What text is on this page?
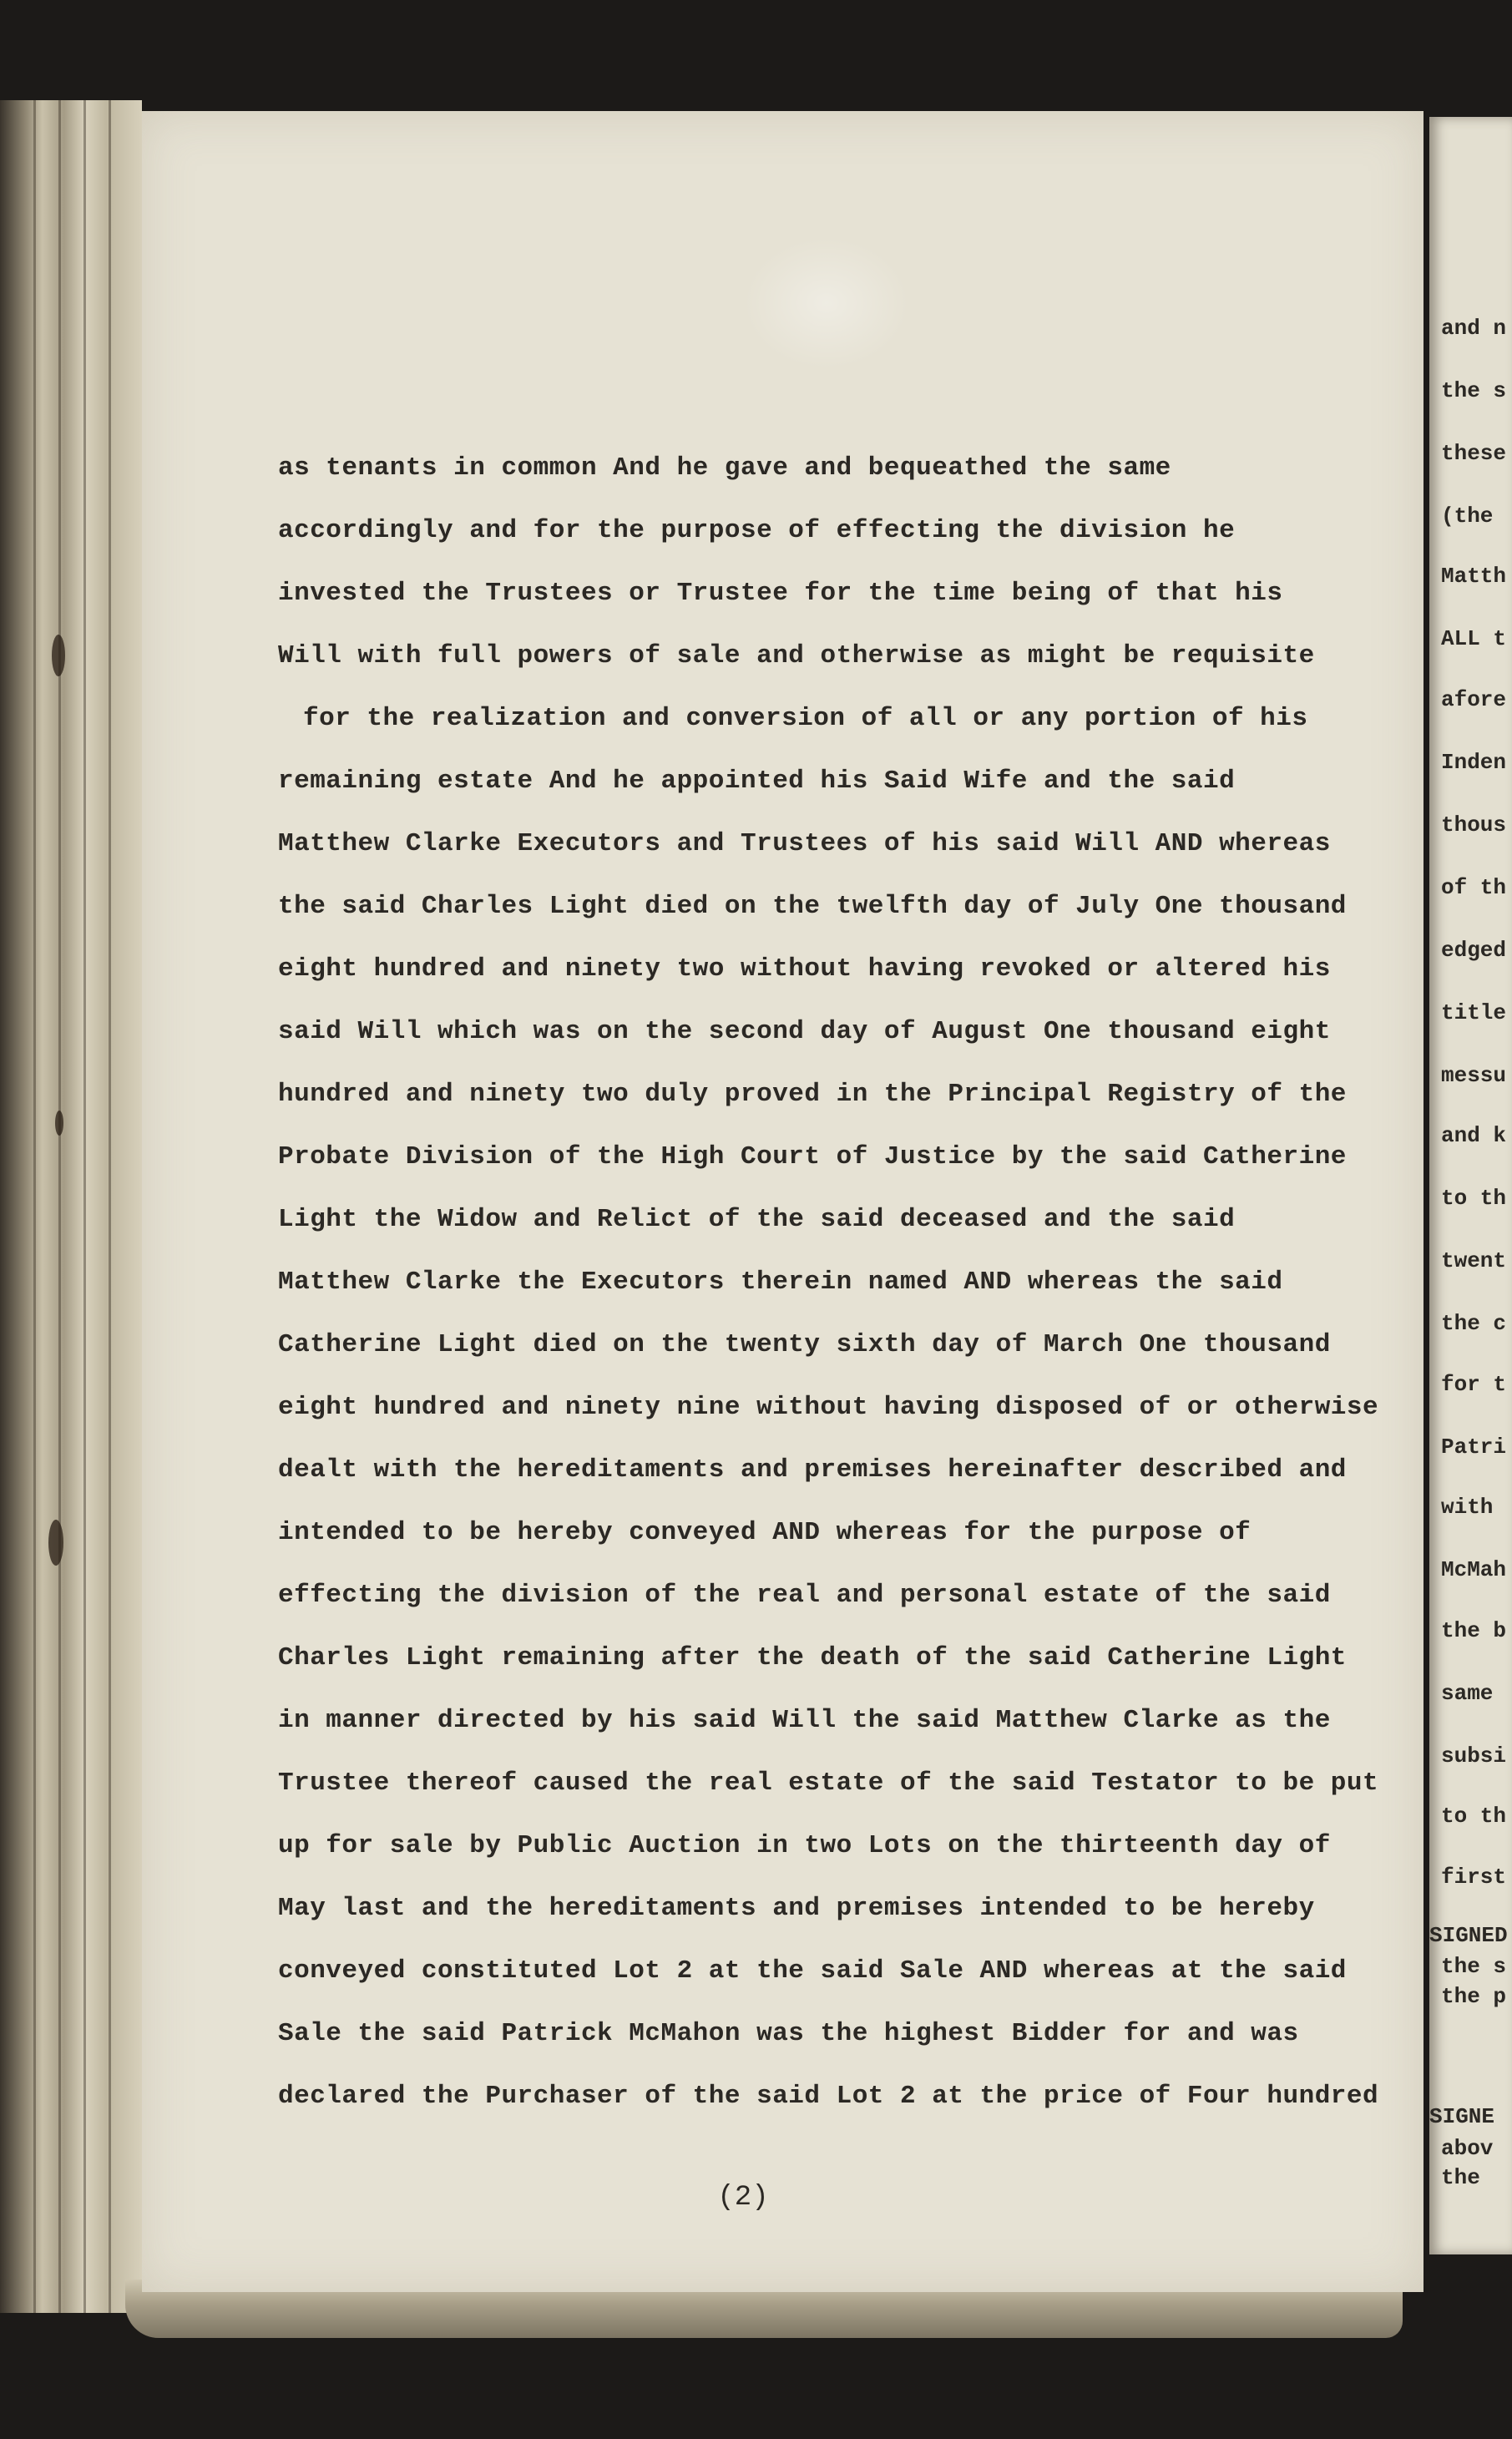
as tenants in common And he gave and bequeathed the same
accordingly and for the purpose of effecting the division he
invested the Trustees or Trustee for the time being of that his
Will with full powers of sale and otherwise as might be requisite
for the realization and conversion of all or any portion of his
remaining estate And he appointed his Said Wife and the said
Matthew Clarke Executors and Trustees of his said Will AND whereas
the said Charles Light died on the twelfth day of July One thousand
eight hundred and ninety two without having revoked or altered his
said Will which was on the second day of August One thousand eight
hundred and ninety two duly proved in the Principal Registry of the
Probate Division of the High Court of Justice by the said Catherine
Light the Widow and Relict of the said deceased and the said
Matthew Clarke the Executors therein named AND whereas the said
Catherine Light died on the twenty sixth day of March One thousand
eight hundred and ninety nine without having disposed of or otherwise
dealt with the hereditaments and premises hereinafter described and
intended to be hereby conveyed AND whereas for the purpose of
effecting the division of the real and personal estate of the said
Charles Light remaining after the death of the said Catherine Light
in manner directed by his said Will the said Matthew Clarke as the
Trustee thereof caused the real estate of the said Testator to be put
up for sale by Public Auction in two Lots on the thirteenth day of
May last and the hereditaments and premises intended to be hereby
conveyed constituted Lot 2 at the said Sale AND whereas at the said
Sale the said Patrick McMahon was the highest Bidder for and was
declared the Purchaser of the said Lot 2 at the price of Four hundred
(2)
and n
the s
these
(the
Matth
ALL t
afore
Inden
thous
of th
edged
title
messu
and k
to th
twent
the c
for t
Patri
with
McMah
the b
same
subsi
to th
first
SIGNED
the s
the p
SIGNE
abov
the
